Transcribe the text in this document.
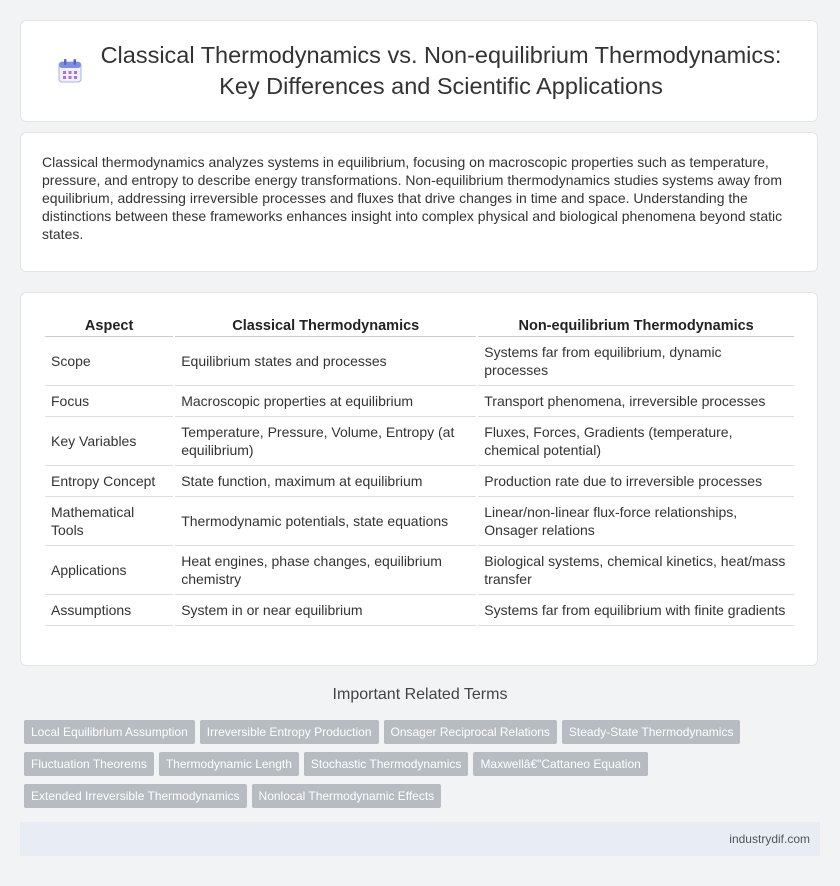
Classical Thermodynamics vs. Non-equilibrium Thermodynamics:
Key Differences and Scientific Applications

Classical thermodynamics analyzes systems in equilibrium, focusing on macroscopic properties such as temperature, pressure, and entropy to describe energy transformations. Non-equilibrium thermodynamics studies systems away from equilibrium, addressing irreversible processes and fluxes that drive changes in time and space. Understanding the distinctions between these frameworks enhances insight into complex physical and biological phenomena beyond static states.

Aspect	Classical Thermodynamics	Non-equilibrium Thermodynamics
Scope	Equilibrium states and processes	Systems far from equilibrium, dynamic processes
Focus	Macroscopic properties at equilibrium	Transport phenomena, irreversible processes
Key Variables	Temperature, Pressure, Volume, Entropy (at equilibrium)	Fluxes, Forces, Gradients (temperature, chemical potential)
Entropy Concept	State function, maximum at equilibrium	Production rate due to irreversible processes
Mathematical Tools	Thermodynamic potentials, state equations	Linear/non-linear flux-force relationships, Onsager relations
Applications	Heat engines, phase changes, equilibrium chemistry	Biological systems, chemical kinetics, heat/mass transfer
Assumptions	System in or near equilibrium	Systems far from equilibrium with finite gradients
Important Related Terms
Local Equilibrium Assumption Irreversible Entropy Production Onsager Reciprocal Relations Steady-State Thermodynamics
Fluctuation Theorems Thermodynamic Length Stochastic Thermodynamics Maxwellâ€"Cattaneo Equation
Extended Irreversible Thermodynamics Nonlocal Thermodynamic Effects
industrydif.com
